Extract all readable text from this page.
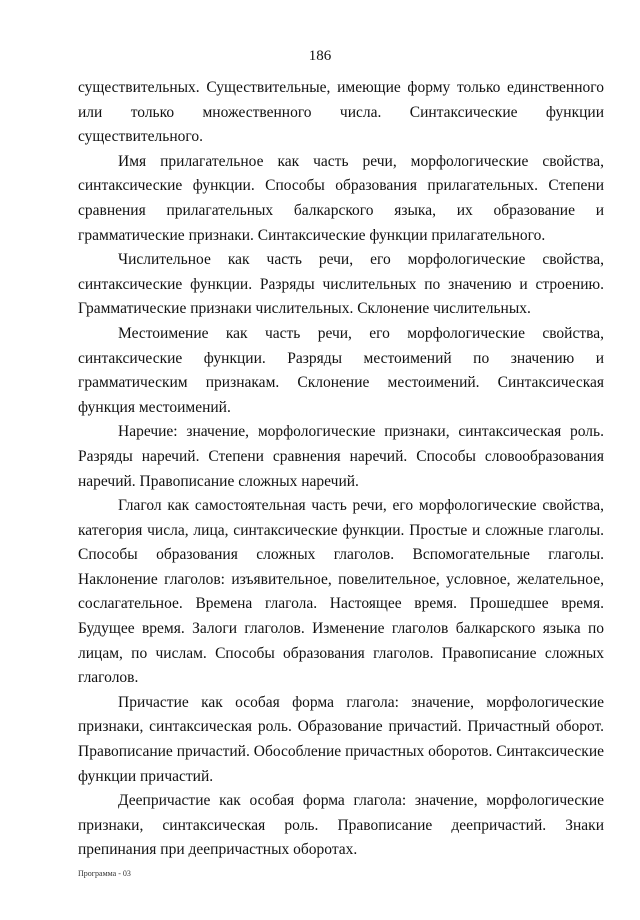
186

существительных. Существительные, имеющие форму только единственного или только множественного числа. Синтаксические функции существительного.

Имя прилагательное как часть речи, морфологические свойства, синтаксические функции. Способы образования прилагательных. Степени сравнения прилагательных балкарского языка, их образование и грамматические признаки. Синтаксические функции прилагательного.

Числительное как часть речи, его морфологические свойства, синтаксические функции. Разряды числительных по значению и строению. Грамматические признаки числительных. Склонение числительных.

Местоимение как часть речи, его морфологические свойства, синтаксические функции. Разряды местоимений по значению и грамматическим признакам. Склонение местоимений. Синтаксическая функция местоимений.

Наречие: значение, морфологические признаки, синтаксическая роль. Разряды наречий. Степени сравнения наречий. Способы словообразования наречий. Правописание сложных наречий.

Глагол как самостоятельная часть речи, его морфологические свойства, категория числа, лица, синтаксические функции. Простые и сложные глаголы. Способы образования сложных глаголов. Вспомогательные глаголы. Наклонение глаголов: изъявительное, повелительное, условное, желательное, сослагательное. Времена глагола. Настоящее время. Прошедшее время. Будущее время. Залоги глаголов. Изменение глаголов балкарского языка по лицам, по числам. Способы образования глаголов. Правописание сложных глаголов.

Причастие как особая форма глагола: значение, морфологические признаки, синтаксическая роль. Образование причастий. Причастный оборот. Правописание причастий. Обособление причастных оборотов. Синтаксические функции причастий.

Деепричастие как особая форма глагола: значение, морфологические признаки, синтаксическая роль. Правописание деепричастий. Знаки препинания при деепричастных оборотах.

Программа - 03
